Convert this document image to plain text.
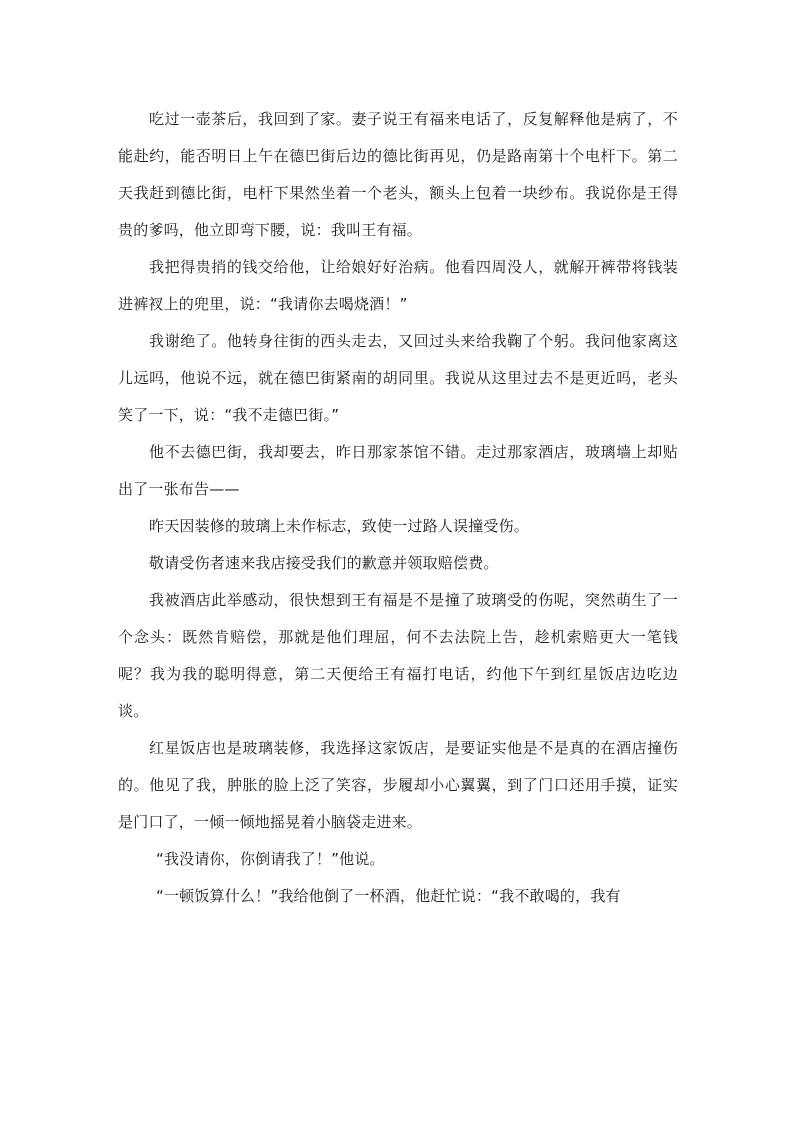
吃过一壶茶后，我回到了家。妻子说王有福来电话了，反复解释他是病了，不能赴约，能否明日上午在德巴街后边的德比街再见，仍是路南第十个电杆下。第二天我赶到德比街，电杆下果然坐着一个老头，额头上包着一块纱布。我说你是王得贵的爹吗，他立即弯下腰，说：我叫王有福。

我把得贵捎的钱交给他，让给娘好好治病。他看四周没人，就解开裤带将钱装进裤衩上的兜里，说：“我请你去喝烧酒！”

我谢绝了。他转身往街的西头走去，又回过头来给我鞠了个躬。我问他家离这儿远吗，他说不远，就在德巴街紧南的胡同里。我说从这里过去不是更近吗，老头笑了一下，说：“我不走德巴街。”

他不去德巴街，我却要去，昨日那家茶馆不错。走过那家酒店，玻璃墙上却贴出了一张布告——

昨天因装修的玻璃上未作标志，致使一过路人误撞受伤。

敬请受伤者速来我店接受我们的歉意并领取赔偿费。

我被酒店此举感动，很快想到王有福是不是撞了玻璃受的伤呢，突然萌生了一个念头：既然肯赔偿，那就是他们理屈，何不去法院上告，趁机索赔更大一笔钱呢？我为我的聪明得意，第二天便给王有福打电话，约他下午到红星饭店边吃边谈。

红星饭店也是玻璃装修，我选择这家饭店，是要证实他是不是真的在酒店撞伤的。他见了我，肿胀的脸上泛了笑容，步履却小心翼翼，到了门口还用手摸，证实是门口了，一倾一倾地摇晃着小脑袋走进来。

“我没请你，你倒请我了！”他说。

“一顿饭算什么！”我给他倒了一杯酒，他赶忙说：“我不敢喝的，我有
